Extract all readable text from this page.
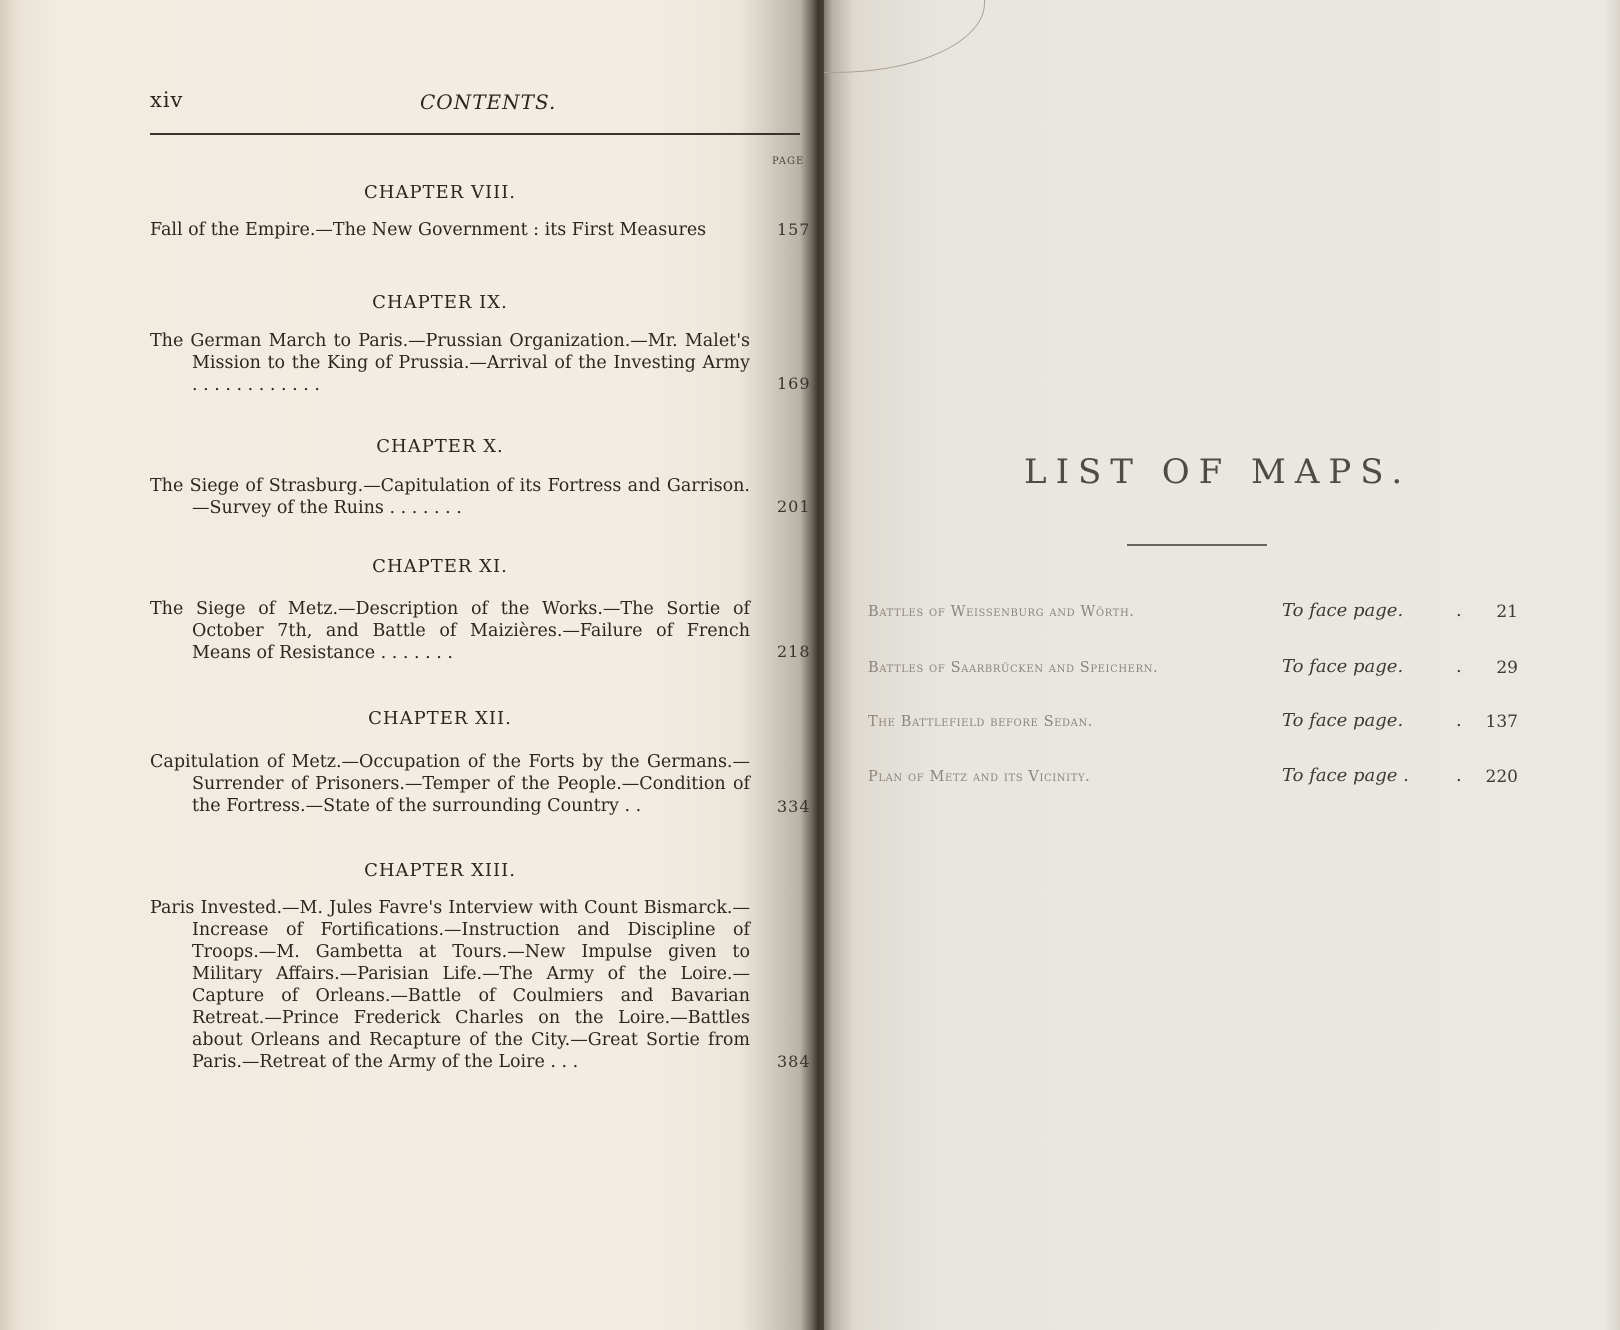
xiv	CONTENTS.
PAGE
CHAPTER VIII.
Fall of the Empire.—The New Government : its First Measures	157
CHAPTER IX.
The German March to Paris.—Prussian Organization.—Mr. Malet's Mission to the King of Prussia.—Arrival of the Investing Army . . . . . . . . . . . .	169
CHAPTER X.
The Siege of Strasburg.—Capitulation of its Fortress and Garrison.—Survey of the Ruins . . . . . . .	201
CHAPTER XI.
The Siege of Metz.—Description of the Works.—The Sortie of October 7th, and Battle of Maizières.—Failure of French Means of Resistance . . . . . . .	218
CHAPTER XII.
Capitulation of Metz.—Occupation of the Forts by the Germans.—Surrender of Prisoners.—Temper of the People.—Condition of the Fortress.—State of the surrounding Country . .	334
CHAPTER XIII.
Paris Invested.—M. Jules Favre's Interview with Count Bismarck.—Increase of Fortifications.—Instruction and Discipline of Troops.—M. Gambetta at Tours.—New Impulse given to Military Affairs.—Parisian Life.—The Army of the Loire.—Capture of Orleans.—Battle of Coulmiers and Bavarian Retreat.—Prince Frederick Charles on the Loire.—Battles about Orleans and Recapture of the City.—Great Sortie from Paris.—Retreat of the Army of the Loire . . .	384
LIST OF MAPS.
Battles of Weissenburg and Wörth.	To face page.	. 21
Battles of Saarbrücken and Speichern.	To face page.	. 29
The Battlefield before Sedan.	To face page.	. 137
Plan of Metz and its Vicinity.	To face page .	. 220
